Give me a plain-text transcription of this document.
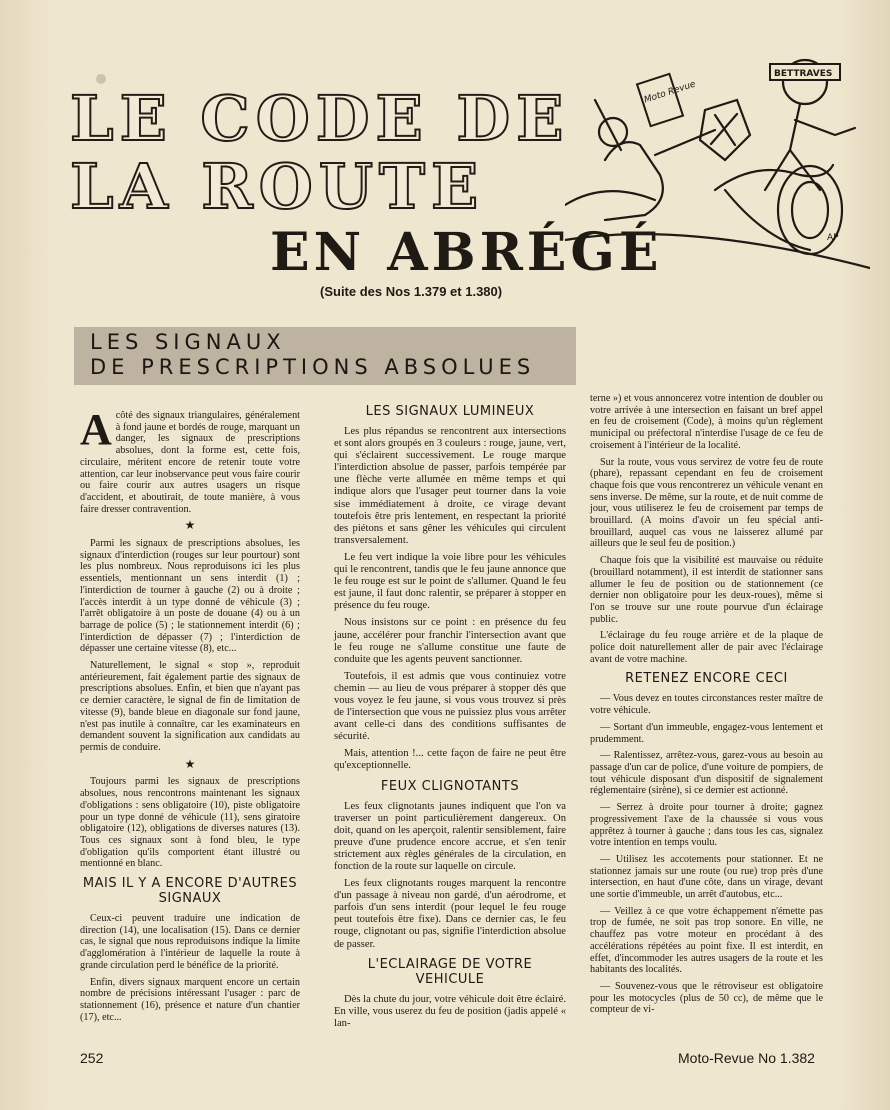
LE CODE DE
LA ROUTE
EN ABRÉGÉ
(Suite des Nos 1.379 et 1.380)
Moto Revue
BETTRAVES
AP
LES SIGNAUX
DE PRESCRIPTIONS ABSOLUES

Acôté des signaux triangulaires, généralement à fond jaune et bordés de rouge, marquant un danger, les signaux de prescriptions absolues, dont la forme est, cette fois, circulaire, méritent encore de retenir toute votre attention, car leur inobservance peut vous faire courir ou faire courir aux autres usagers un risque d'accident, et aboutirait, de toute manière, à vous faire dresser contravention.

★

Parmi les signaux de prescriptions absolues, les signaux d'interdiction (rouges sur leur pourtour) sont les plus nombreux. Nous reproduisons ici les plus essentiels, mentionnant un sens interdit (1) ; l'interdiction de tourner à gauche (2) ou à droite ; l'accès interdit à un type donné de véhicule (3) ; l'arrêt obligatoire à un poste de douane (4) ou à un barrage de police (5) ; le stationnement interdit (6) ; l'interdiction de dépasser (7) ; l'interdiction de dépasser une certaine vitesse (8), etc...

Naturellement, le signal « stop », reproduit antérieurement, fait également partie des signaux de prescriptions absolues. Enfin, et bien que n'ayant pas ce dernier caractère, le signal de fin de limitation de vitesse (9), bande bleue en diagonale sur fond jaune, n'est pas inutile à connaître, car les examinateurs en demandent souvent la signification aux candidats au permis de conduire.

★

Toujours parmi les signaux de prescriptions absolues, nous rencontrons maintenant les signaux d'obligations : sens obligatoire (10), piste obligatoire pour un type donné de véhicule (11), sens giratoire obligatoire (12), obligations de diverses natures (13). Tous ces signaux sont à fond bleu, le type d'obligation qu'ils comportent étant illustré ou mentionné en blanc.

MAIS IL Y A ENCORE D'AUTRES SIGNAUX

Ceux-ci peuvent traduire une indication de direction (14), une localisation (15). Dans ce dernier cas, le signal que nous reproduisons indique la limite d'agglomération à l'intérieur de laquelle la route à grande circulation perd le bénéfice de la priorité.

Enfin, divers signaux marquent encore un certain nombre de précisions intéressant l'usager : parc de stationnement (16), présence et nature d'un chantier (17), etc...

LES SIGNAUX LUMINEUX

Les plus répandus se rencontrent aux intersections et sont alors groupés en 3 couleurs : rouge, jaune, vert, qui s'éclairent successivement. Le rouge marque l'interdiction absolue de passer, parfois tempérée par une flèche verte allumée en même temps et qui indique alors que l'usager peut tourner dans la voie sise immédiatement à droite, ce virage devant toutefois être pris lentement, en respectant la priorité des piétons et sans gêner les véhicules qui circulent transversalement.

Le feu vert indique la voie libre pour les véhicules qui le rencontrent, tandis que le feu jaune annonce que le feu rouge est sur le point de s'allumer. Quand le feu est jaune, il faut donc ralentir, se préparer à stopper en présence du feu rouge.

Nous insistons sur ce point : en présence du feu jaune, accélérer pour franchir l'intersection avant que le feu rouge ne s'allume constitue une faute de conduite que les agents peuvent sanctionner.

Toutefois, il est admis que vous continuiez votre chemin — au lieu de vous préparer à stopper dès que vous voyez le feu jaune, si vous vous trouvez si près de l'intersection que vous ne puissiez plus vous arrêter avant celle-ci dans des conditions suffisantes de sécurité.

Mais, attention !... cette façon de faire ne peut être qu'exceptionnelle.

FEUX CLIGNOTANTS

Les feux clignotants jaunes indiquent que l'on va traverser un point particulièrement dangereux. On doit, quand on les aperçoit, ralentir sensiblement, faire preuve d'une prudence encore accrue, et s'en tenir strictement aux règles générales de la circulation, en fonction de la route sur laquelle on circule.

Les feux clignotants rouges marquent la rencontre d'un passage à niveau non gardé, d'un aérodrome, et parfois d'un sens interdit (pour lequel le feu rouge peut toutefois être fixe). Dans ce dernier cas, le feu rouge, clignotant ou pas, signifie l'interdiction absolue de passer.

L'ECLAIRAGE DE VOTRE VEHICULE

Dès la chute du jour, votre véhicule doit être éclairé. En ville, vous userez du feu de position (jadis appelé « lan-

terne ») et vous annoncerez votre intention de doubler ou votre arrivée à une intersection en faisant un bref appel en feu de croisement (Code), à moins qu'un règlement municipal ou préfectoral n'interdise l'usage de ce feu de croisement à l'intérieur de la localité.

Sur la route, vous vous servirez de votre feu de route (phare), repassant cependant en feu de croisement chaque fois que vous rencontrerez un véhicule venant en sens inverse. De même, sur la route, et de nuit comme de jour, vous utiliserez le feu de croisement par temps de brouillard. (A moins d'avoir un feu spécial anti-brouillard, auquel cas vous ne laisserez allumé par ailleurs que le seul feu de position.)

Chaque fois que la visibilité est mauvaise ou réduite (brouillard notamment), il est interdit de stationner sans allumer le feu de position ou de stationnement (ce dernier non obligatoire pour les deux-roues), même si l'on se trouve sur une route pourvue d'un éclairage public.

L'éclairage du feu rouge arrière et de la plaque de police doit naturellement aller de pair avec l'éclairage avant de votre machine.

RETENEZ ENCORE CECI

— Vous devez en toutes circonstances rester maître de votre véhicule.

— Sortant d'un immeuble, engagez-vous lentement et prudemment.

— Ralentissez, arrêtez-vous, garez-vous au besoin au passage d'un car de police, d'une voiture de pompiers, de tout véhicule disposant d'un dispositif de signalement réglementaire (sirène), si ce dernier est actionné.

— Serrez à droite pour tourner à droite; gagnez progressivement l'axe de la chaussée si vous vous apprêtez à tourner à gauche ; dans tous les cas, signalez votre intention en temps voulu.

— Utilisez les accotements pour stationner. Et ne stationnez jamais sur une route (ou rue) trop près d'une intersection, en haut d'une côte, dans un virage, devant une sortie d'immeuble, un arrêt d'autobus, etc...

— Veillez à ce que votre échappement n'émette pas trop de fumée, ne soit pas trop sonore. En ville, ne chauffez pas votre moteur en procédant à des accélérations répétées au point fixe. Il est interdit, en effet, d'incommoder les autres usagers de la route et les habitants des localités.

— Souvenez-vous que le rétroviseur est obligatoire pour les motocycles (plus de 50 cc), de même que le compteur de vi-

252	Moto-Revue No 1.382
